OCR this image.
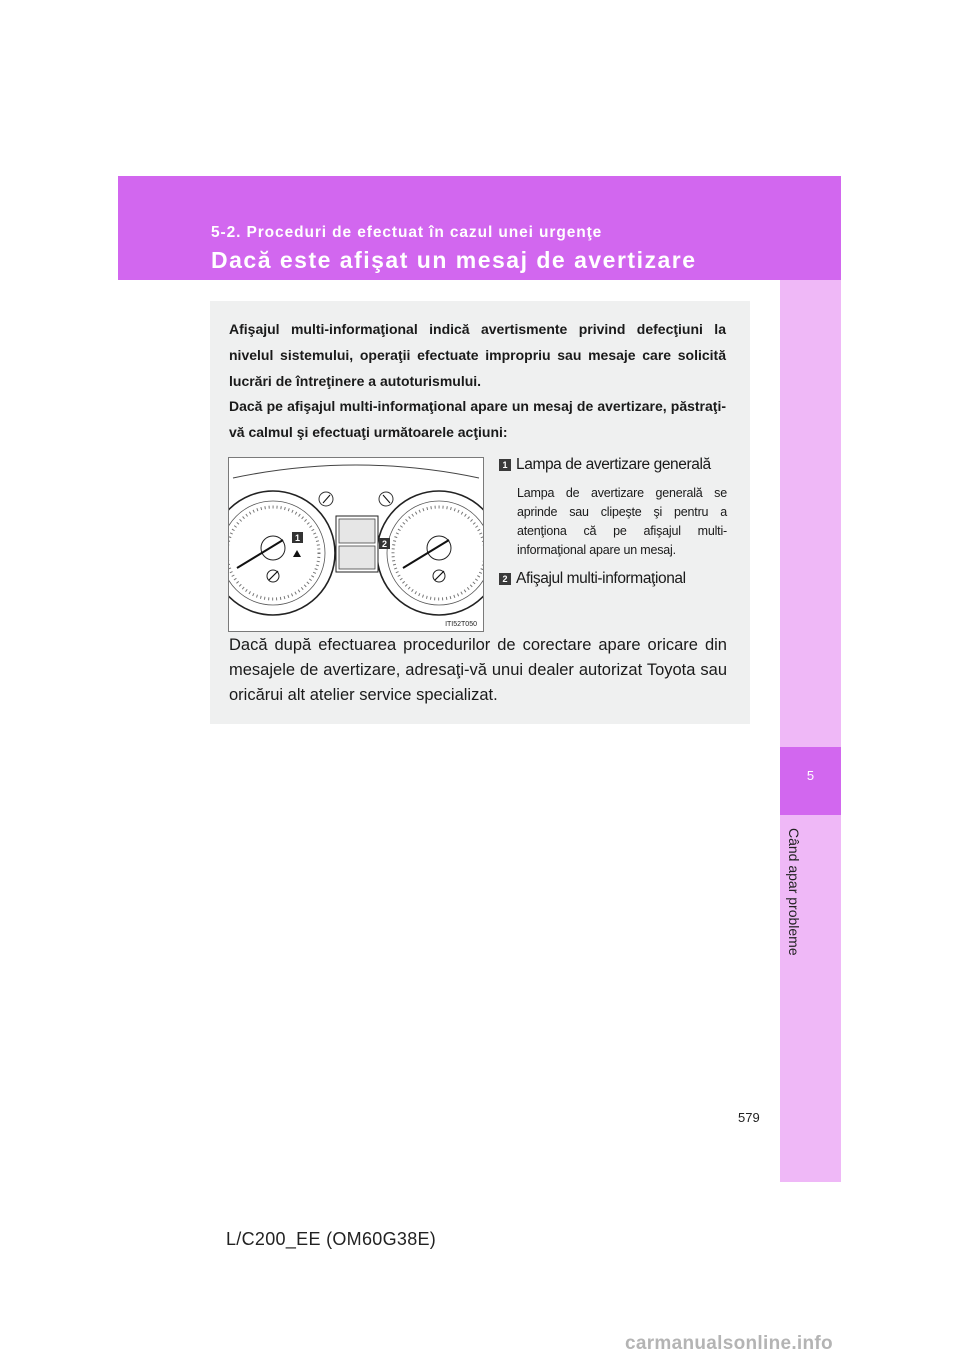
5-2. Proceduri de efectuat în cazul unei urgenţe
Dacă este afişat un mesaj de avertizare
5
Când apar probleme
Afişajul multi-informaţional indică avertismente privind defecţiuni la nivelul sistemului, operaţii efectuate impropriu sau mesaje care solicită lucrări de întreţinere a autoturismului.
Dacă pe afişajul multi-informaţional apare un mesaj de avertizare, păstraţi-vă calmul şi efectuaţi următoarele acţiuni:
1
2
ITI52T050
1 Lampa de avertizare generală
Lampa de avertizare generală se aprinde sau clipeşte şi pentru a atenţiona că pe afişajul multi-informaţional apare un mesaj.
2 Afişajul multi-informaţional
Dacă după efectuarea procedurilor de corectare apare oricare din mesajele de avertizare, adresaţi-vă unui dealer autorizat Toyota sau oricărui alt atelier service specializat.
579
L/C200_EE (OM60G38E)
carmanualsonline.info
